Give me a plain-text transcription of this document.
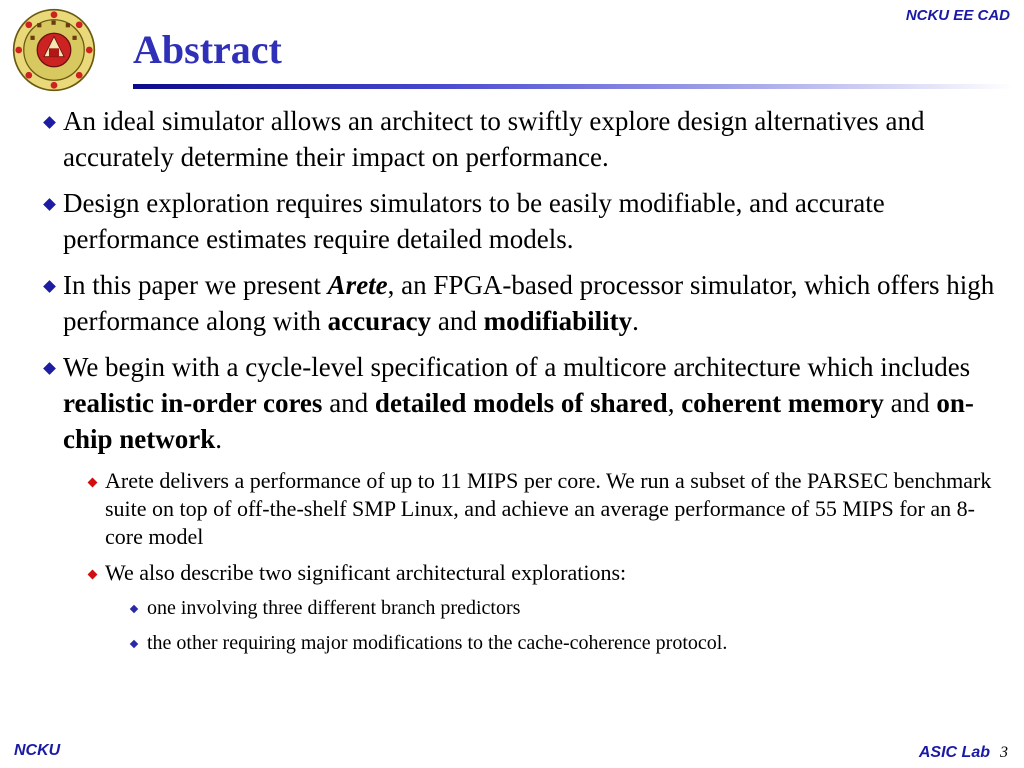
NCKU EE CAD
Abstract
An ideal simulator allows an architect to swiftly explore design alternatives and accurately determine their impact on performance.
Design exploration requires simulators to be easily modifiable, and accurate performance estimates require detailed models.
In this paper we present Arete, an FPGA-based processor simulator, which offers high performance along with accuracy and modifiability.
We begin with a cycle-level specification of a multicore architecture which includes realistic in-order cores and detailed models of shared, coherent memory and on-chip network.
Arete delivers a performance of up to 11 MIPS per core. We run a subset of the PARSEC benchmark suite on top of off-the-shelf SMP Linux, and achieve an average performance of 55 MIPS for an 8-core model
We also describe two significant architectural explorations:
one involving three different branch predictors
the other requiring major modifications to the cache-coherence protocol.
NCKU	ASIC Lab 3
